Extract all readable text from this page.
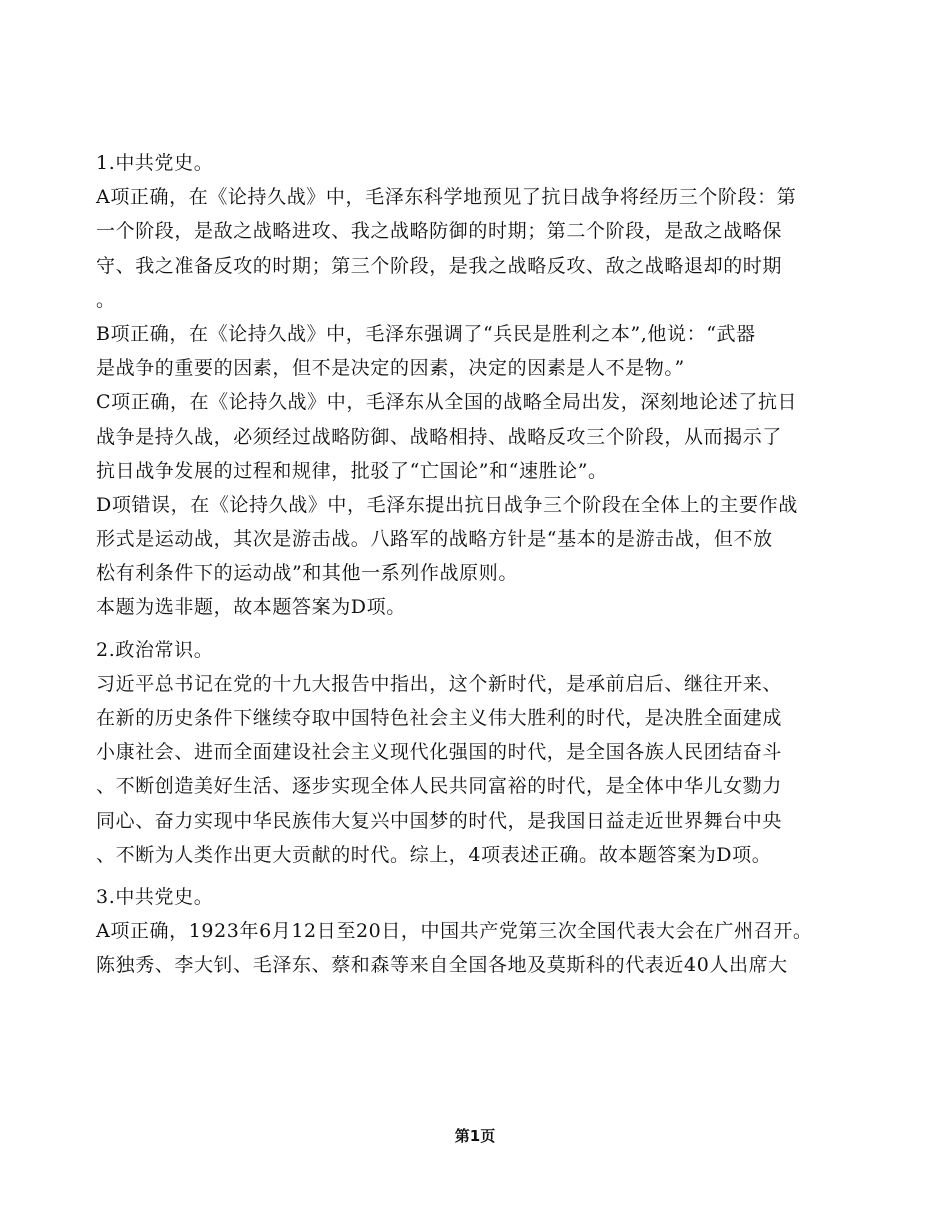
1.中共党史。
A项正确，在《论持久战》中，毛泽东科学地预见了抗日战争将经历三个阶段：第
一个阶段，是敌之战略进攻、我之战略防御的时期；第二个阶段，是敌之战略保
守、我之准备反攻的时期；第三个阶段，是我之战略反攻、敌之战略退却的时期
。
B项正确，在《论持久战》中，毛泽东强调了“兵民是胜利之本”,他说：“武器
是战争的重要的因素，但不是决定的因素，决定的因素是人不是物。”
C项正确，在《论持久战》中，毛泽东从全国的战略全局出发，深刻地论述了抗日
战争是持久战，必须经过战略防御、战略相持、战略反攻三个阶段，从而揭示了
抗日战争发展的过程和规律，批驳了“亡国论”和“速胜论”。
D项错误，在《论持久战》中，毛泽东提出抗日战争三个阶段在全体上的主要作战
形式是运动战，其次是游击战。八路军的战略方针是“基本的是游击战，但不放
松有利条件下的运动战”和其他一系列作战原则。
本题为选非题，故本题答案为D项。
2.政治常识。
习近平总书记在党的十九大报告中指出，这个新时代，是承前启后、继往开来、
在新的历史条件下继续夺取中国特色社会主义伟大胜利的时代，是决胜全面建成
小康社会、进而全面建设社会主义现代化强国的时代，是全国各族人民团结奋斗
、不断创造美好生活、逐步实现全体人民共同富裕的时代，是全体中华儿女勠力
同心、奋力实现中华民族伟大复兴中国梦的时代，是我国日益走近世界舞台中央
、不断为人类作出更大贡献的时代。综上，4项表述正确。故本题答案为D项。
3.中共党史。
A项正确，1923年6月12日至20日，中国共产党第三次全国代表大会在广州召开。
陈独秀、李大钊、毛泽东、蔡和森等来自全国各地及莫斯科的代表近40人出席大
第1页
